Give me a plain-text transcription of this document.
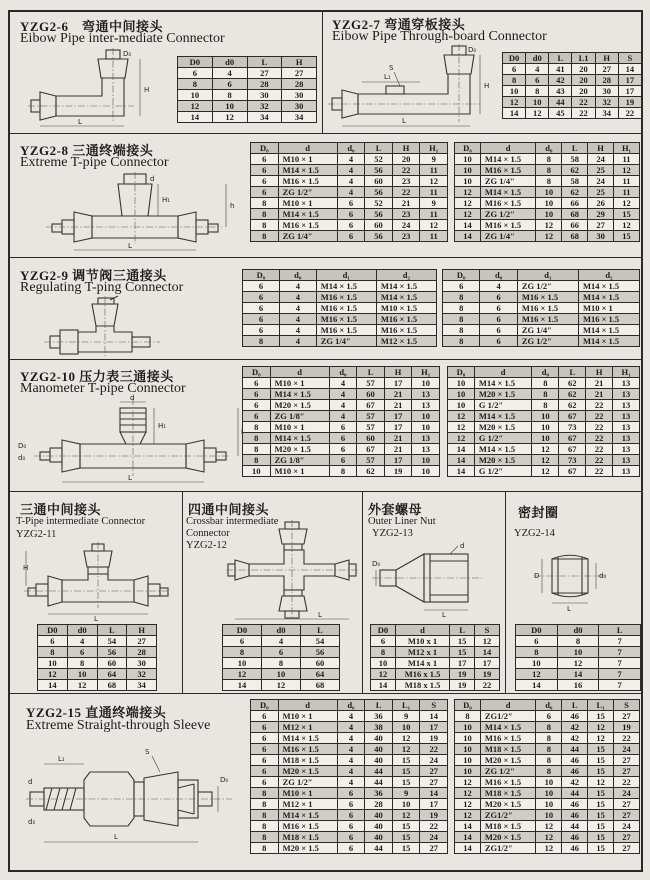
YZG2-6　弯通中间接头
Eibow Pipe inter-mediate Connector
D₀
H
L
D0	d0	L	H
6	4	27	27
8	6	28	28
10	8	30	30
12	10	32	30
14	12	34	34
YZG2-7 弯通穿板接头
Eibow Pipe Through-board Connector
L₁
S
D₀
H
L
D0	d0	L	L1	H	S
6	4	41	20	27	14
8	6	42	20	28	17
10	8	43	20	30	17
12	10	44	22	32	19
14	12	45	22	34	22
YZG2-8 三通终端接头
Extreme T-pipe Connector
d
H₁
h
L
D₀	d	d₀	L	H	H₁
6	M10 × 1	4	52	20	9
6	M14 × 1.5	4	56	22	11
6	M16 × 1.5	4	60	23	12
6	ZG 1/2″	4	56	22	11
8	M10 × 1	6	52	21	9
8	M14 × 1.5	6	56	23	11
8	M16 × 1.5	6	60	24	12
8	ZG 1/4″	6	56	23	11
D₀	d	d₀	L	H	H₁
10	M14 × 1.5	8	58	24	11
10	M16 × 1.5	8	62	25	12
10	ZG 1/4″	8	58	24	11
12	M14 × 1.5	10	62	25	11
12	M16 × 1.5	10	66	26	12
12	ZG 1/2″	10	68	29	15
14	M16 × 1.5	12	66	27	12
14	ZG 1/4″	12	68	30	15
YZG2-9 调节阀三通接头
Regulating T-ping Connector
D₀	d₀	d₁	d₂
6	4	M14 × 1.5	M14 × 1.5
6	4	M16 × 1.5	M14 × 1.5
6	4	M16 × 1.5	M10 × 1.5
6	4	M16 × 1.5	M16 × 1.5
6	4	M16 × 1.5	M16 × 1.5
8	4	ZG 1/4″	M12 × 1.5
D₀	d₀	d₁	d₂
6	4	ZG 1/2″	M14 × 1.5
8	6	M16 × 1.5	M14 × 1.5
8	6	M16 × 1.5	M10 × 1
8	6	M16 × 1.5	M16 × 1.5
8	6	ZG 1/4″	M14 × 1.5
8	6	ZG 1/2″	M14 × 1.5
YZG2-10 压力表三通接头
Manometer T-pipe Connector
d
H₁
L
D₀
d₀
D₀	d	d₀	L	H	H₁
6	M10 × 1	4	57	17	10
6	M14 × 1.5	4	60	21	13
6	M20 × 1.5	4	67	21	13
6	ZG 1/8″	4	57	17	10
8	M10 × 1	6	57	17	10
8	M14 × 1.5	6	60	21	13
8	M20 × 1.5	6	67	21	13
8	ZG 1/8″	6	57	17	10
10	M10 × 1	8	62	19	10
D₀	d	d₀	L	H	H₁
10	M14 × 1.5	8	62	21	13
10	M20 × 1.5	8	62	21	13
10	G 1/2″	8	62	22	13
12	M14 × 1.5	10	67	22	13
12	M20 × 1.5	10	73	22	13
12	G 1/2″	10	67	22	13
14	M14 × 1.5	12	67	22	13
14	M20 × 1.5	12	73	22	13
14	G 1/2″	12	67	22	13
三通中间接头
T-Pipe intermediate Connector
YZG2-11
H
L
D0	d0	L	H
6	4	54	27
8	6	56	28
10	8	60	30
12	10	64	32
14	12	68	34
四通中间接头
Crossbar intermediate Connector
YZG2-12
L
D0	d0	L
6	4	54
8	6	56
10	8	60
12	10	64
14	12	68
外套螺母
Outer Liner Nut
YZG2-13
d
D₀
L
D0	d	L	S
6	M10 x 1	15	12
8	M12 x 1	15	14
10	M14 x 1	17	17
12	M16 x 1.5	19	19
14	M18 x 1.5	19	22
密封圈
YZG2-14
D	d₀
L
D0	d0	L
6	8	7
8	10	7
10	12	7
12	14	7
14	16	7
YZG2-15 直通终端接头
Extreme Straight-through Sleeve
L₁
S
d
d₀
D₀
L
D₀	d	d₀	L	L₁	S
6	M10 × 1	4	36	9	14
6	M12 × 1	4	38	10	17
6	M14 × 1.5	4	40	12	19
6	M16 × 1.5	4	40	12	22
6	M18 × 1.5	4	40	15	24
6	M20 × 1.5	4	44	15	27
6	ZG 1/2″	4	44	15	27
8	M10 × 1	6	36	9	14
8	M12 × 1	6	28	10	17
8	M14 × 1.5	6	40	12	19
8	M16 × 1.5	6	40	15	22
8	M18 × 1.5	6	40	15	24
8	M20 × 1.5	6	44	15	27
D₀	d	d₀	L	L₁	S
8	ZG1/2″	6	46	15	27
10	M14 × 1.5	8	42	12	19
10	M16 × 1.5	8	42	12	22
10	M18 × 1.5	8	44	15	24
10	M20 × 1.5	8	46	15	27
10	ZG 1/2″	8	46	15	27
12	M16 × 1.5	10	42	12	22
12	M18 × 1.5	10	44	15	24
12	M20 × 1.5	10	46	15	27
12	ZG1/2″	10	46	15	27
14	M18 × 1.5	12	44	15	24
14	M20 × 1.5	12	46	15	27
14	ZG1/2″	12	46	15	27
